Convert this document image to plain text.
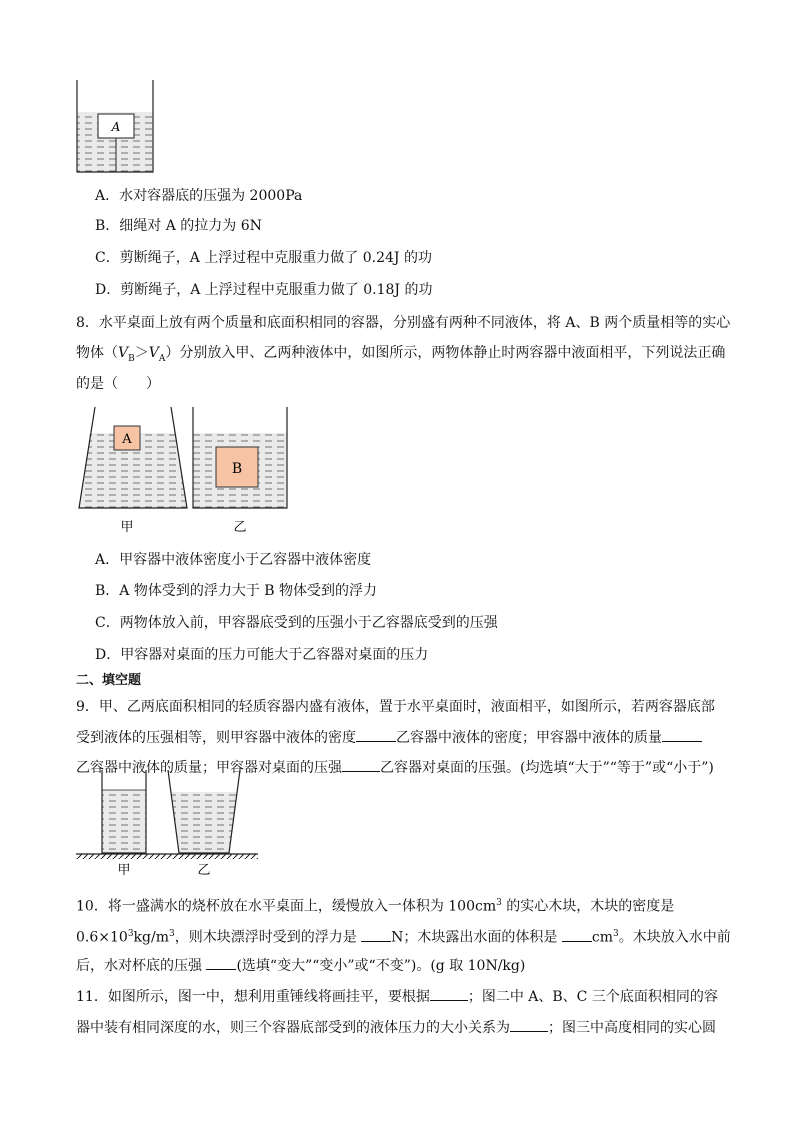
A
A
甲
B
乙
甲	乙
A．水对容器底的压强为 2000Pa
B．细绳对 A 的拉力为 6N
C．剪断绳子，A 上浮过程中克服重力做了 0.24J 的功
D．剪断绳子，A 上浮过程中克服重力做了 0.18J 的功
8．水平桌面上放有两个质量和底面积相同的容器，分别盛有两种不同液体，将 A、B 两个质量相等的实心
物体$(V_B>V_A)$分别放入甲、乙两种液体中，如图所示，两物体静止时两容器中液面相平，下列说法正确
的是（　　）
A．甲容器中液体密度小于乙容器中液体密度
B．A 物体受到的浮力大于 B 物体受到的浮力
C．两物体放入前，甲容器底受到的压强小于乙容器底受到的压强
D．甲容器对桌面的压力可能大于乙容器对桌面的压力
二、填空题
9．甲、乙两底面积相同的轻质容器内盛有液体，置于水平桌面时，液面相平，如图所示，若两容器底部
受到液体的压强相等，则甲容器中液体的密度	乙容器中液体的密度；甲容器中液体的质量
乙容器中液体的质量；甲容器对桌面的压强	乙容器对桌面的压强。(均选填“大于”“等于”或“小于”)
10．将一盛满水的烧杯放在水平桌面上，缓慢放入一体积为 $100cm^3$ 的实心木块，木块的密度是
$0.6\times 10^3kg/m^3$，则木块漂浮时受到的浮力是 N；木块露出水面的体积是 $cm^3$。木块放入水中前
后，水对杯底的压强 (选填“变大”“变小”或“不变”)。(g 取 10N/kg)
11．如图所示，图一中，想利用重锤线将画挂平，要根据	；图二中 A、B、C 三个底面积相同的容
器中装有相同深度的水，则三个容器底部受到的液体压力的大小关系为	；图三中高度相同的实心圆
